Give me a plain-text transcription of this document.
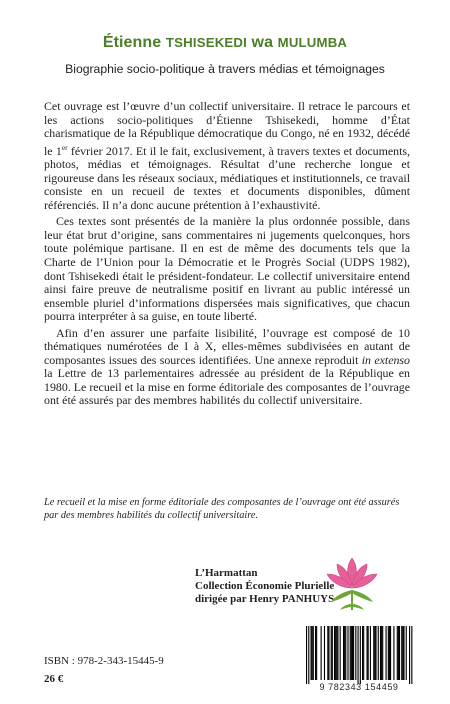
Étienne TSHISEKEDI wa MULUMBA

Biographie socio-politique à travers médias et témoignages

Cet ouvrage est l’œuvre d’un collectif universitaire. Il retrace le parcours et les actions socio-politiques d’Étienne Tshisekedi, homme d’État charismatique de la République démocratique du Congo, né en 1932, décédé le 1er février 2017. Et il le fait, exclusivement, à travers textes et documents, photos, médias et témoignages. Résultat d’une recherche longue et rigoureuse dans les réseaux sociaux, médiatiques et institutionnels, ce travail consiste en un recueil de textes et documents disponibles, dûment référenciés. Il n’a donc aucune prétention à l’exhaustivité.

Ces textes sont présentés de la manière la plus ordonnée possible, dans leur état brut d’origine, sans commentaires ni jugements quelconques, hors toute polémique partisane. Il en est de même des documents tels que la Charte de l’Union pour la Démocratie et le Progrès Social (UDPS 1982), dont Tshisekedi était le président-fondateur. Le collectif universitaire entend ainsi faire preuve de neutralisme positif en livrant au public intéressé un ensemble pluriel d’informations dispersées mais significatives, que chacun pourra interpréter à sa guise, en toute liberté.

Afin d’en assurer une parfaite lisibilité, l’ouvrage est composé de 10 thématiques numérotées de I à X, elles-mêmes subdivisées en autant de composantes issues des sources identifiées. Une annexe reproduit in extenso la Lettre de 13 parlementaires adressée au président de la République en 1980. Le recueil et la mise en forme éditoriale des composantes de l’ouvrage ont été assurés par des membres habilités du collectif universitaire.

Le recueil et la mise en forme éditoriale des composantes de l’ouvrage ont été assurés par des membres habilités du collectif universitaire.

L’Harmattan
Collection Économie Plurielle
dirigée par Henry PANHUYS

ISBN : 978-2-343-15445-9

26 €

9 782343 154459
